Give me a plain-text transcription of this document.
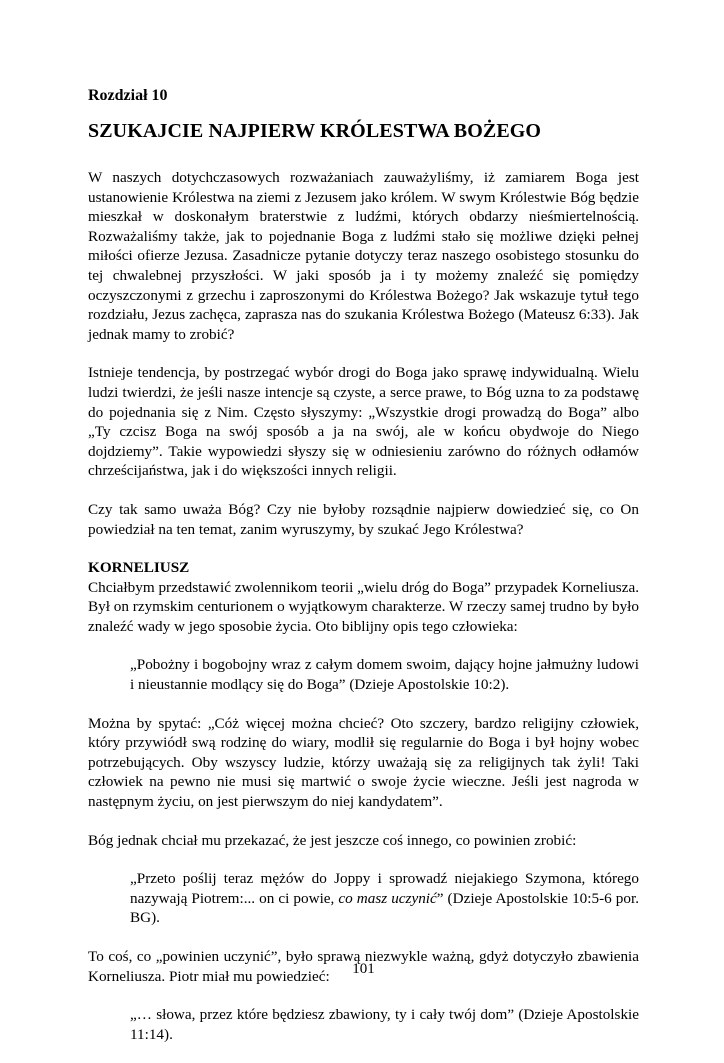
Rozdział 10
SZUKAJCIE NAJPIERW KRÓLESTWA BOŻEGO

W naszych dotychczasowych rozważaniach zauważyliśmy, iż zamiarem Boga jest ustanowienie Królestwa na ziemi z Jezusem jako królem. W swym Królestwie Bóg będzie mieszkał w doskonałym braterstwie z ludźmi, których obdarzy nieśmiertelnością. Rozważaliśmy także, jak to pojednanie Boga z ludźmi stało się możliwe dzięki pełnej miłości ofierze Jezusa. Zasadnicze pytanie dotyczy teraz naszego osobistego stosunku do tej chwalebnej przyszłości. W jaki sposób ja i ty możemy znaleźć się pomiędzy oczyszczonymi z grzechu i zaproszonymi do Królestwa Bożego? Jak wskazuje tytuł tego rozdziału, Jezus zachęca, zaprasza nas do szukania Królestwa Bożego (Mateusz 6:33). Jak jednak mamy to zrobić?

Istnieje tendencja, by postrzegać wybór drogi do Boga jako sprawę indywidualną. Wielu ludzi twierdzi, że jeśli nasze intencje są czyste, a serce prawe, to Bóg uzna to za podstawę do pojednania się z Nim. Często słyszymy: „Wszystkie drogi prowadzą do Boga” albo „Ty czcisz Boga na swój sposób a ja na swój, ale w końcu obydwoje do Niego dojdziemy”. Takie wypowiedzi słyszy się w odniesieniu zarówno do różnych odłamów chrześcijaństwa, jak i do większości innych religii.

Czy tak samo uważa Bóg? Czy nie byłoby rozsądnie najpierw dowiedzieć się, co On powiedział na ten temat, zanim wyruszymy, by szukać Jego Królestwa?

KORNELIUSZ

Chciałbym przedstawić zwolennikom teorii „wielu dróg do Boga” przypadek Korneliusza. Był on rzymskim centurionem o wyjątkowym charakterze. W rzeczy samej trudno by było znaleźć wady w jego sposobie życia. Oto biblijny opis tego człowieka:

„Pobożny i bogobojny wraz z całym domem swoim, dający hojne jałmużny ludowi i nieustannie modlący się do Boga” (Dzieje Apostolskie 10:2).

Można by spytać: „Cóż więcej można chcieć? Oto szczery, bardzo religijny człowiek, który przywiódł swą rodzinę do wiary, modlił się regularnie do Boga i był hojny wobec potrzebujących. Oby wszyscy ludzie, którzy uważają się za religijnych tak żyli! Taki człowiek na pewno nie musi się martwić o swoje życie wieczne. Jeśli jest nagroda w następnym życiu, on jest pierwszym do niej kandydatem”.

Bóg jednak chciał mu przekazać, że jest jeszcze coś innego, co powinien zrobić:

„Przeto poślij teraz mężów do Joppy i sprowadź niejakiego Szymona, którego nazywają Piotrem:... on ci powie, co masz uczynić” (Dzieje Apostolskie 10:5-6 por. BG).

To coś, co „powinien uczynić”, było sprawą niezwykle ważną, gdyż dotyczyło zbawienia Korneliusza. Piotr miał mu powiedzieć:

„… słowa, przez które będziesz zbawiony, ty i cały twój dom” (Dzieje Apostolskie 11:14).

101
